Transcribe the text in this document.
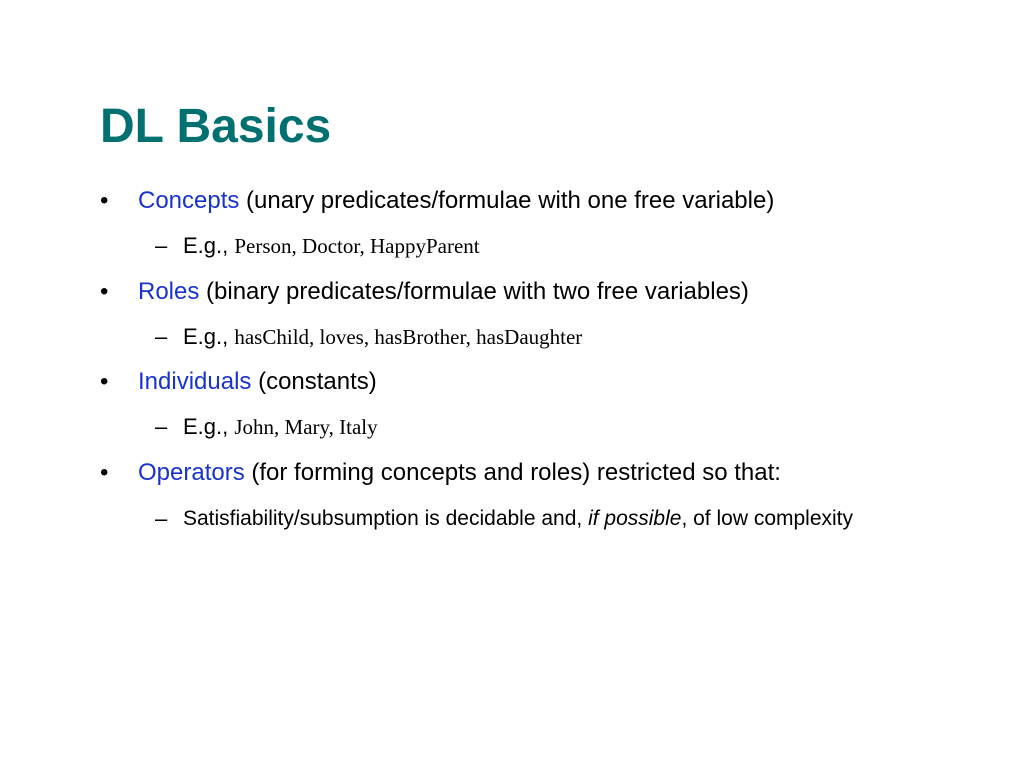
DL Basics
• Concepts (unary predicates/formulae with one free variable)
– E.g., Person, Doctor, HappyParent
• Roles (binary predicates/formulae with two free variables)
– E.g., hasChild, loves, hasBrother, hasDaughter
• Individuals (constants)
– E.g., John, Mary, Italy
• Operators (for forming concepts and roles) restricted so that:
– Satisfiability/subsumption is decidable and, if possible, of low complexity
